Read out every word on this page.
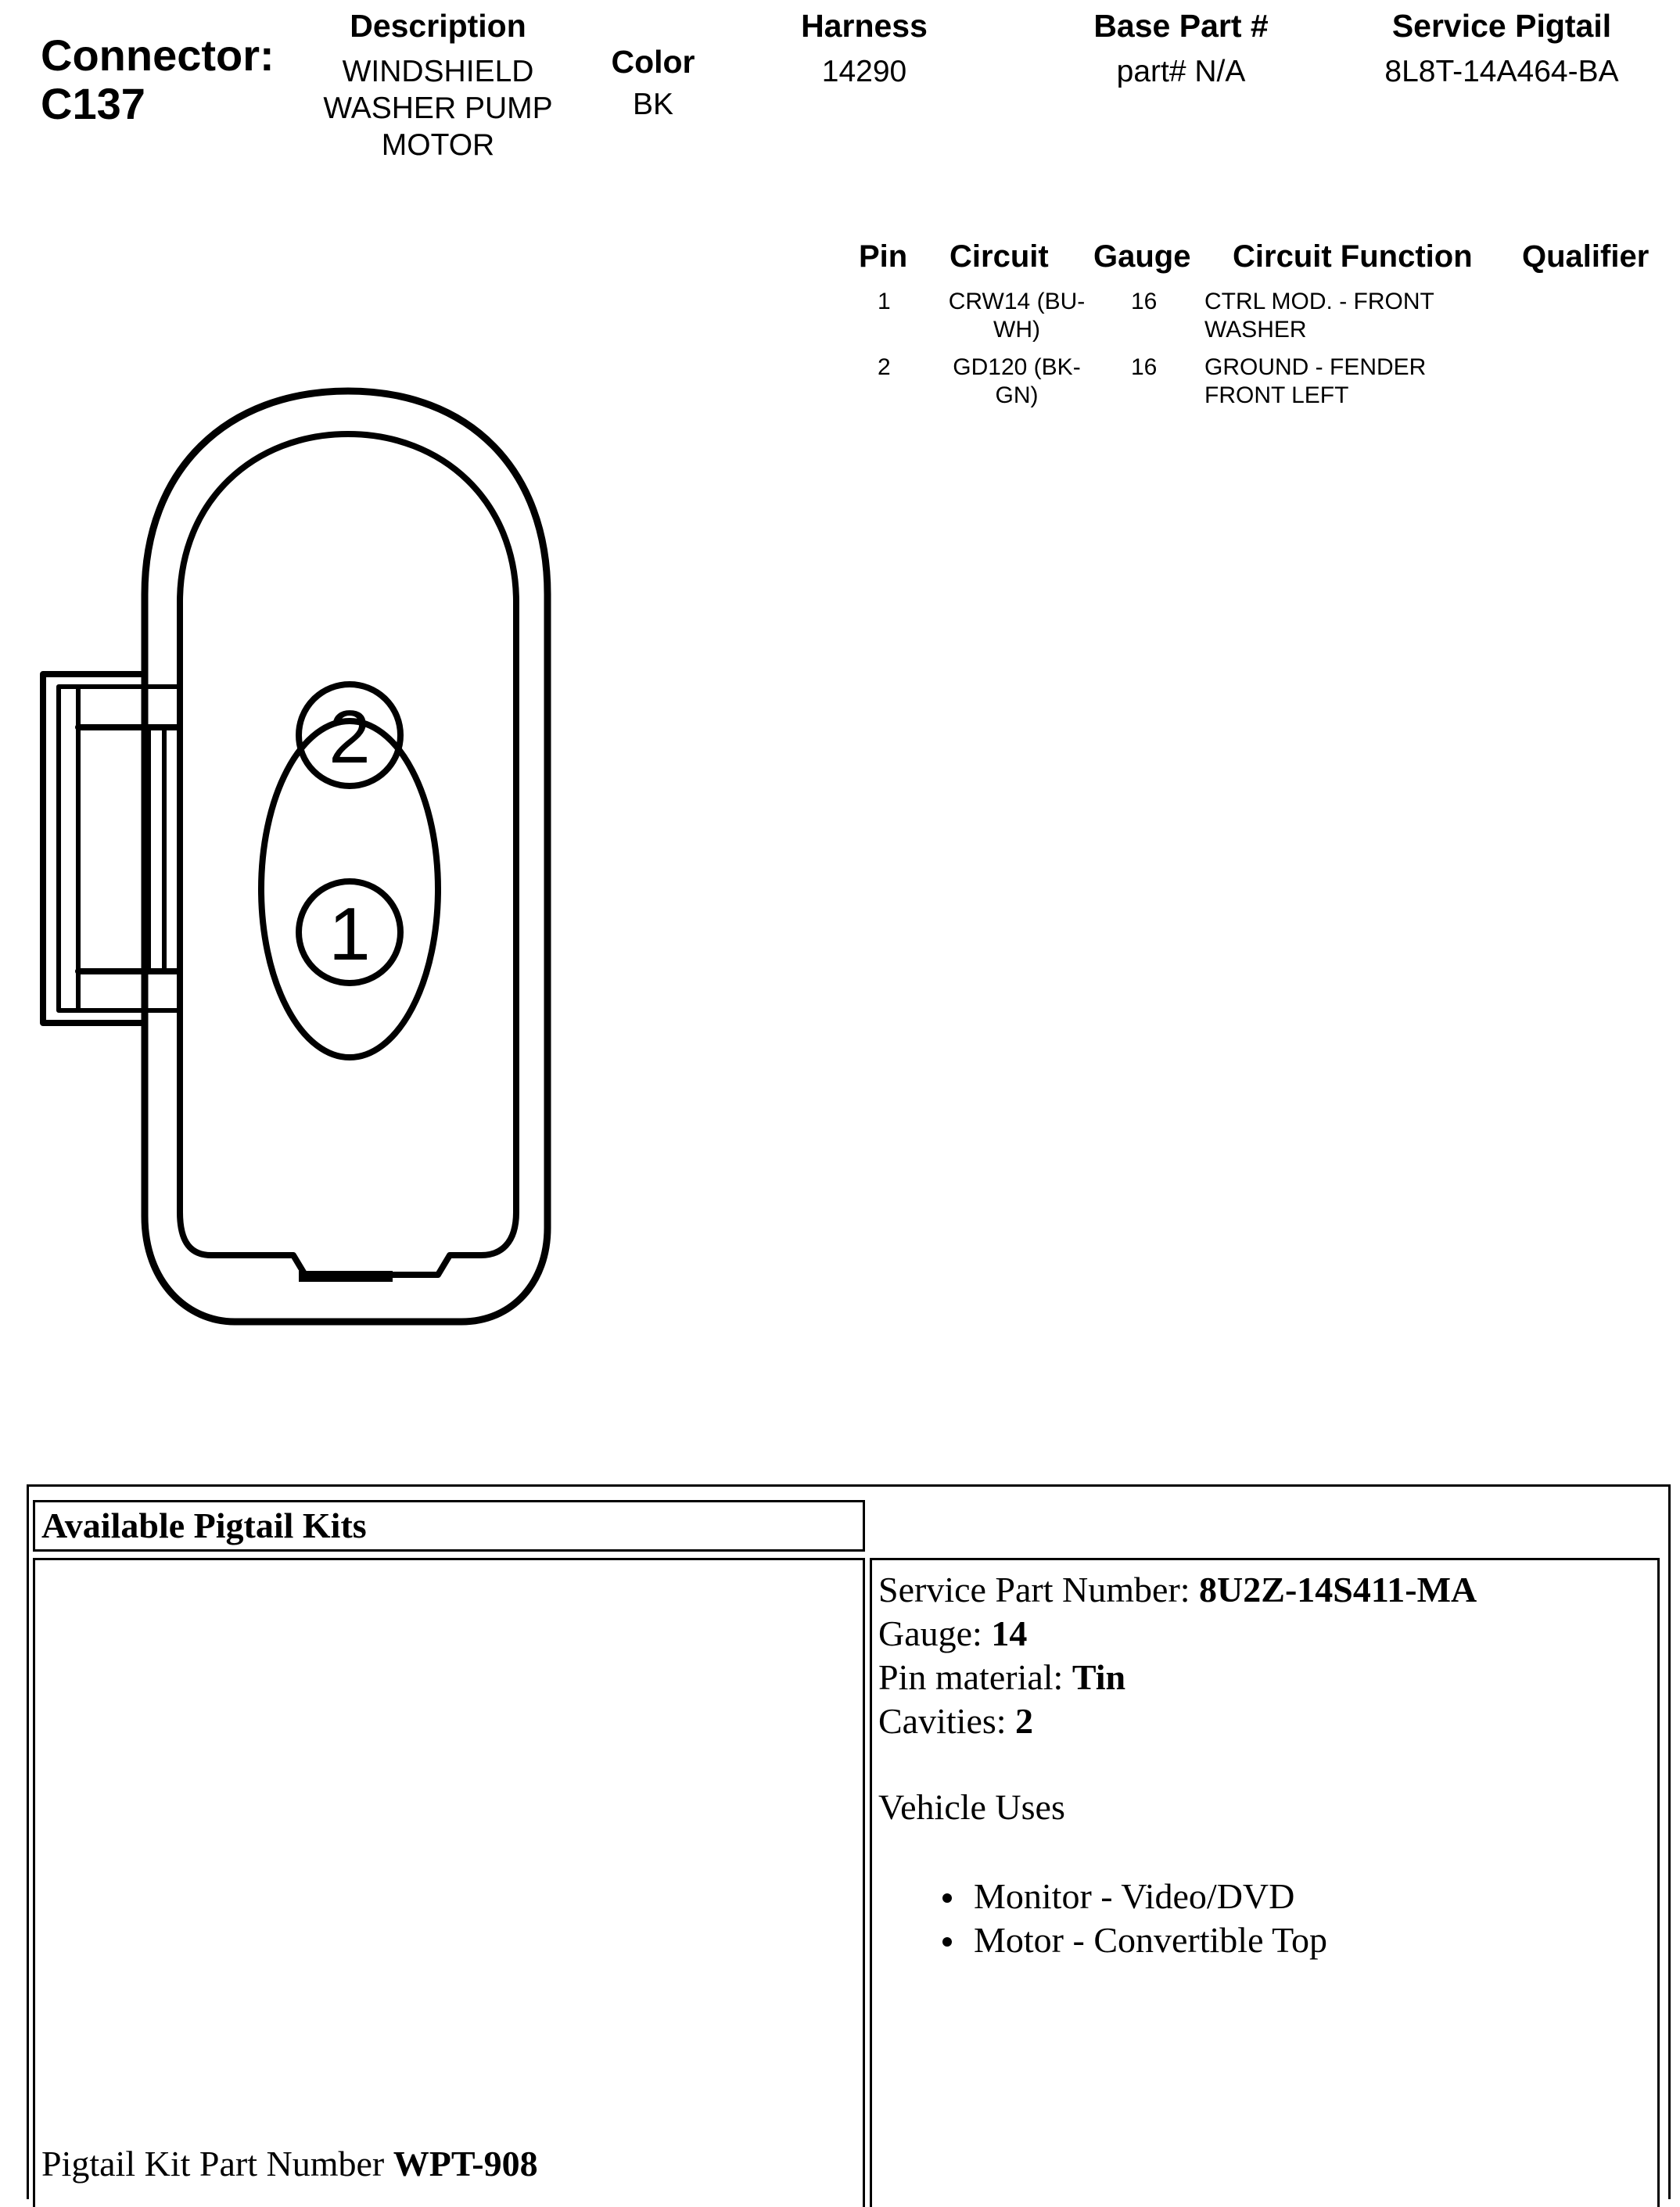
Connector:
C137
Description
WINDSHIELD
WASHER PUMP
MOTOR
Color
BK
Harness
14290
Base Part #
part# N/A
Service Pigtail
8L8T-14A464-BA
Pin Circuit Gauge Circuit Function Qualifier
1	CRW14 (BU-
WH)
16 CTRL MOD. - FRONT
WASHER
2	GD120 (BK-
GN)
16 GROUND - FENDER
FRONT LEFT
2
1
Available Pigtail Kits
Pigtail Kit Part Number WPT-908
Service Part Number: 8U2Z-14S411-MA
Gauge: 14
Pin material: Tin
Cavities: 2
Vehicle Uses
Monitor - Video/DVD
Motor - Convertible Top
